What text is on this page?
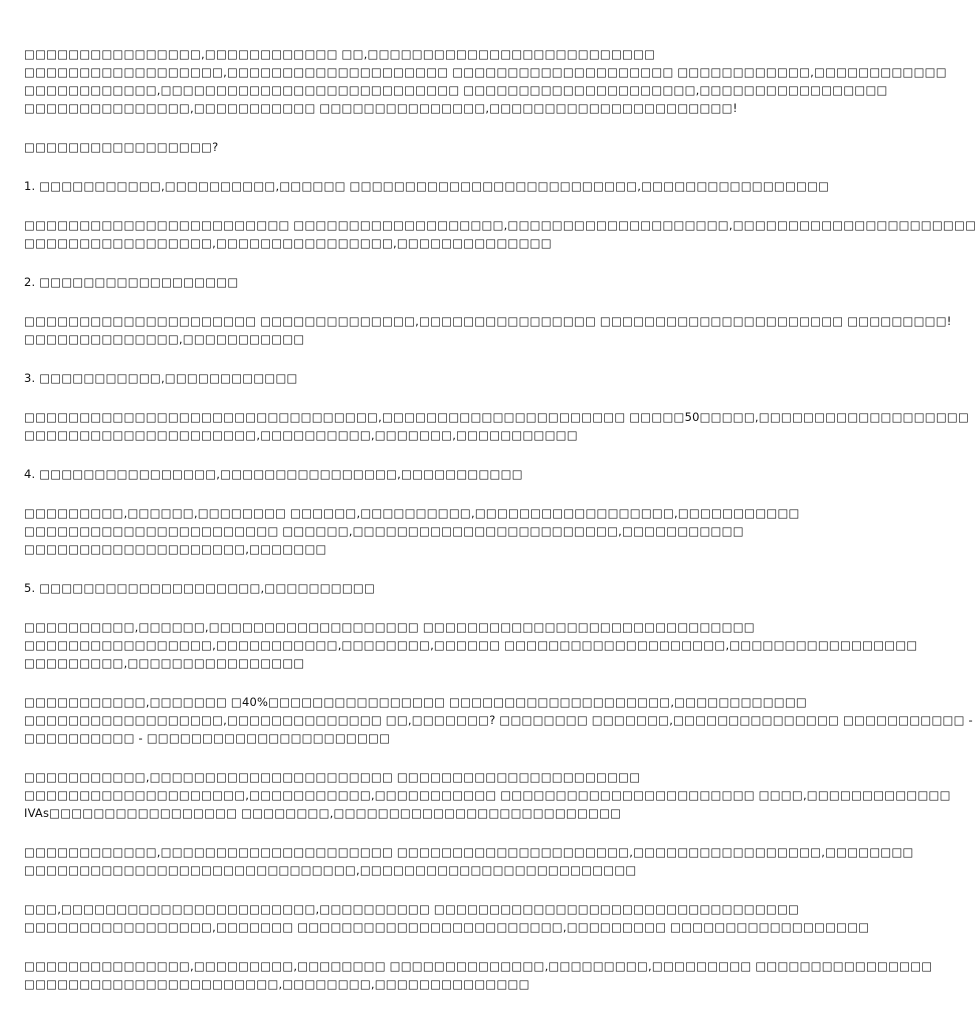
□□□□□□□□□□□□□□□□,□□□□□□□□□□□□ □□,□□□□□□□□□□□□□□□□□□□□□□□□□□
□□□□□□□□□□□□□□□□□□,□□□□□□□□□□□□□□□□□□□□ □□□□□□□□□□□□□□□□□□□□ □□□□□□□□□□□□,□□□□□□□□□□□□
□□□□□□□□□□□□,□□□□□□□□□□□□□□□□□□□□□□□□□□□ □□□□□□□□□□□□□□□□□□□□□,□□□□□□□□□□□□□□□□□
□□□□□□□□□□□□□□□,□□□□□□□□□□□ □□□□□□□□□□□□□□□,□□□□□□□□□□□□□□□□□□□□□□!

□□□□□□□□□□□□□□□□□?

1. □□□□□□□□□□□,□□□□□□□□□□,□□□□□□ □□□□□□□□□□□□□□□□□□□□□□□□□□,□□□□□□□□□□□□□□□□□

□□□□□□□□□□□□□□□□□□□□□□□□ □□□□□□□□□□□□□□□□□□□,□□□□□□□□□□□□□□□□□□□□,□□□□□□□□□□□□□□□□□□□□□□
□□□□□□□□□□□□□□□□□,□□□□□□□□□□□□□□□□,□□□□□□□□□□□□□□

2. □□□□□□□□□□□□□□□□□□

□□□□□□□□□□□□□□□□□□□□□ □□□□□□□□□□□□□□,□□□□□□□□□□□□□□□□ □□□□□□□□□□□□□□□□□□□□□□ □□□□□□□□□!
□□□□□□□□□□□□□□,□□□□□□□□□□□

3. □□□□□□□□□□□,□□□□□□□□□□□□

□□□□□□□□□□□□□□□□□□□□□□□□□□□□□□□□,□□□□□□□□□□□□□□□□□□□□□□ □□□□□50□□□□□,□□□□□□□□□□□□□□□□□□□
□□□□□□□□□□□□□□□□□□□□□,□□□□□□□□□□,□□□□□□□,□□□□□□□□□□□

4. □□□□□□□□□□□□□□□□,□□□□□□□□□□□□□□□□,□□□□□□□□□□□

□□□□□□□□□,□□□□□□,□□□□□□□□ □□□□□□,□□□□□□□□□□,□□□□□□□□□□□□□□□□□□,□□□□□□□□□□□
□□□□□□□□□□□□□□□□□□□□□□□ □□□□□□,□□□□□□□□□□□□□□□□□□□□□□□□,□□□□□□□□□□□
□□□□□□□□□□□□□□□□□□□□,□□□□□□□

5. □□□□□□□□□□□□□□□□□□□□,□□□□□□□□□□

□□□□□□□□□□,□□□□□□,□□□□□□□□□□□□□□□□□□□ □□□□□□□□□□□□□□□□□□□□□□□□□□□□□□
□□□□□□□□□□□□□□□□□,□□□□□□□□□□□,□□□□□□□□,□□□□□□ □□□□□□□□□□□□□□□□□□□□,□□□□□□□□□□□□□□□□□
□□□□□□□□□,□□□□□□□□□□□□□□□□

□□□□□□□□□□□,□□□□□□□ □40%□□□□□□□□□□□□□□□□ □□□□□□□□□□□□□□□□□□□□,□□□□□□□□□□□□
□□□□□□□□□□□□□□□□□□,□□□□□□□□□□□□□□ □□,□□□□□□□? □□□□□□□□ □□□□□□□,□□□□□□□□□□□□□□□ □□□□□□□□□□□ -
□□□□□□□□□□ - □□□□□□□□□□□□□□□□□□□□□□

□□□□□□□□□□□,□□□□□□□□□□□□□□□□□□□□□□ □□□□□□□□□□□□□□□□□□□□□□
□□□□□□□□□□□□□□□□□□□□,□□□□□□□□□□□,□□□□□□□□□□□ □□□□□□□□□□□□□□□□□□□□□□□ □□□□,□□□□□□□□□□□□□
IVAs□□□□□□□□□□□□□□□□□ □□□□□□□□,□□□□□□□□□□□□□□□□□□□□□□□□□□

□□□□□□□□□□□□,□□□□□□□□□□□□□□□□□□□□□ □□□□□□□□□□□□□□□□□□□□□,□□□□□□□□□□□□□□□□□,□□□□□□□□
□□□□□□□□□□□□□□□□□□□□□□□□□□□□□□,□□□□□□□□□□□□□□□□□□□□□□□□□

□□□,□□□□□□□□□□□□□□□□□□□□□□□,□□□□□□□□□□ □□□□□□□□□□□□□□□□□□□□□□□□□□□□□□□□□
□□□□□□□□□□□□□□□□□,□□□□□□□ □□□□□□□□□□□□□□□□□□□□□□□□,□□□□□□□□□ □□□□□□□□□□□□□□□□□□

□□□□□□□□□□□□□□□,□□□□□□□□□,□□□□□□□□ □□□□□□□□□□□□□□,□□□□□□□□□,□□□□□□□□□ □□□□□□□□□□□□□□□□
□□□□□□□□□□□□□□□□□□□□□□□,□□□□□□□□,□□□□□□□□□□□□□□
